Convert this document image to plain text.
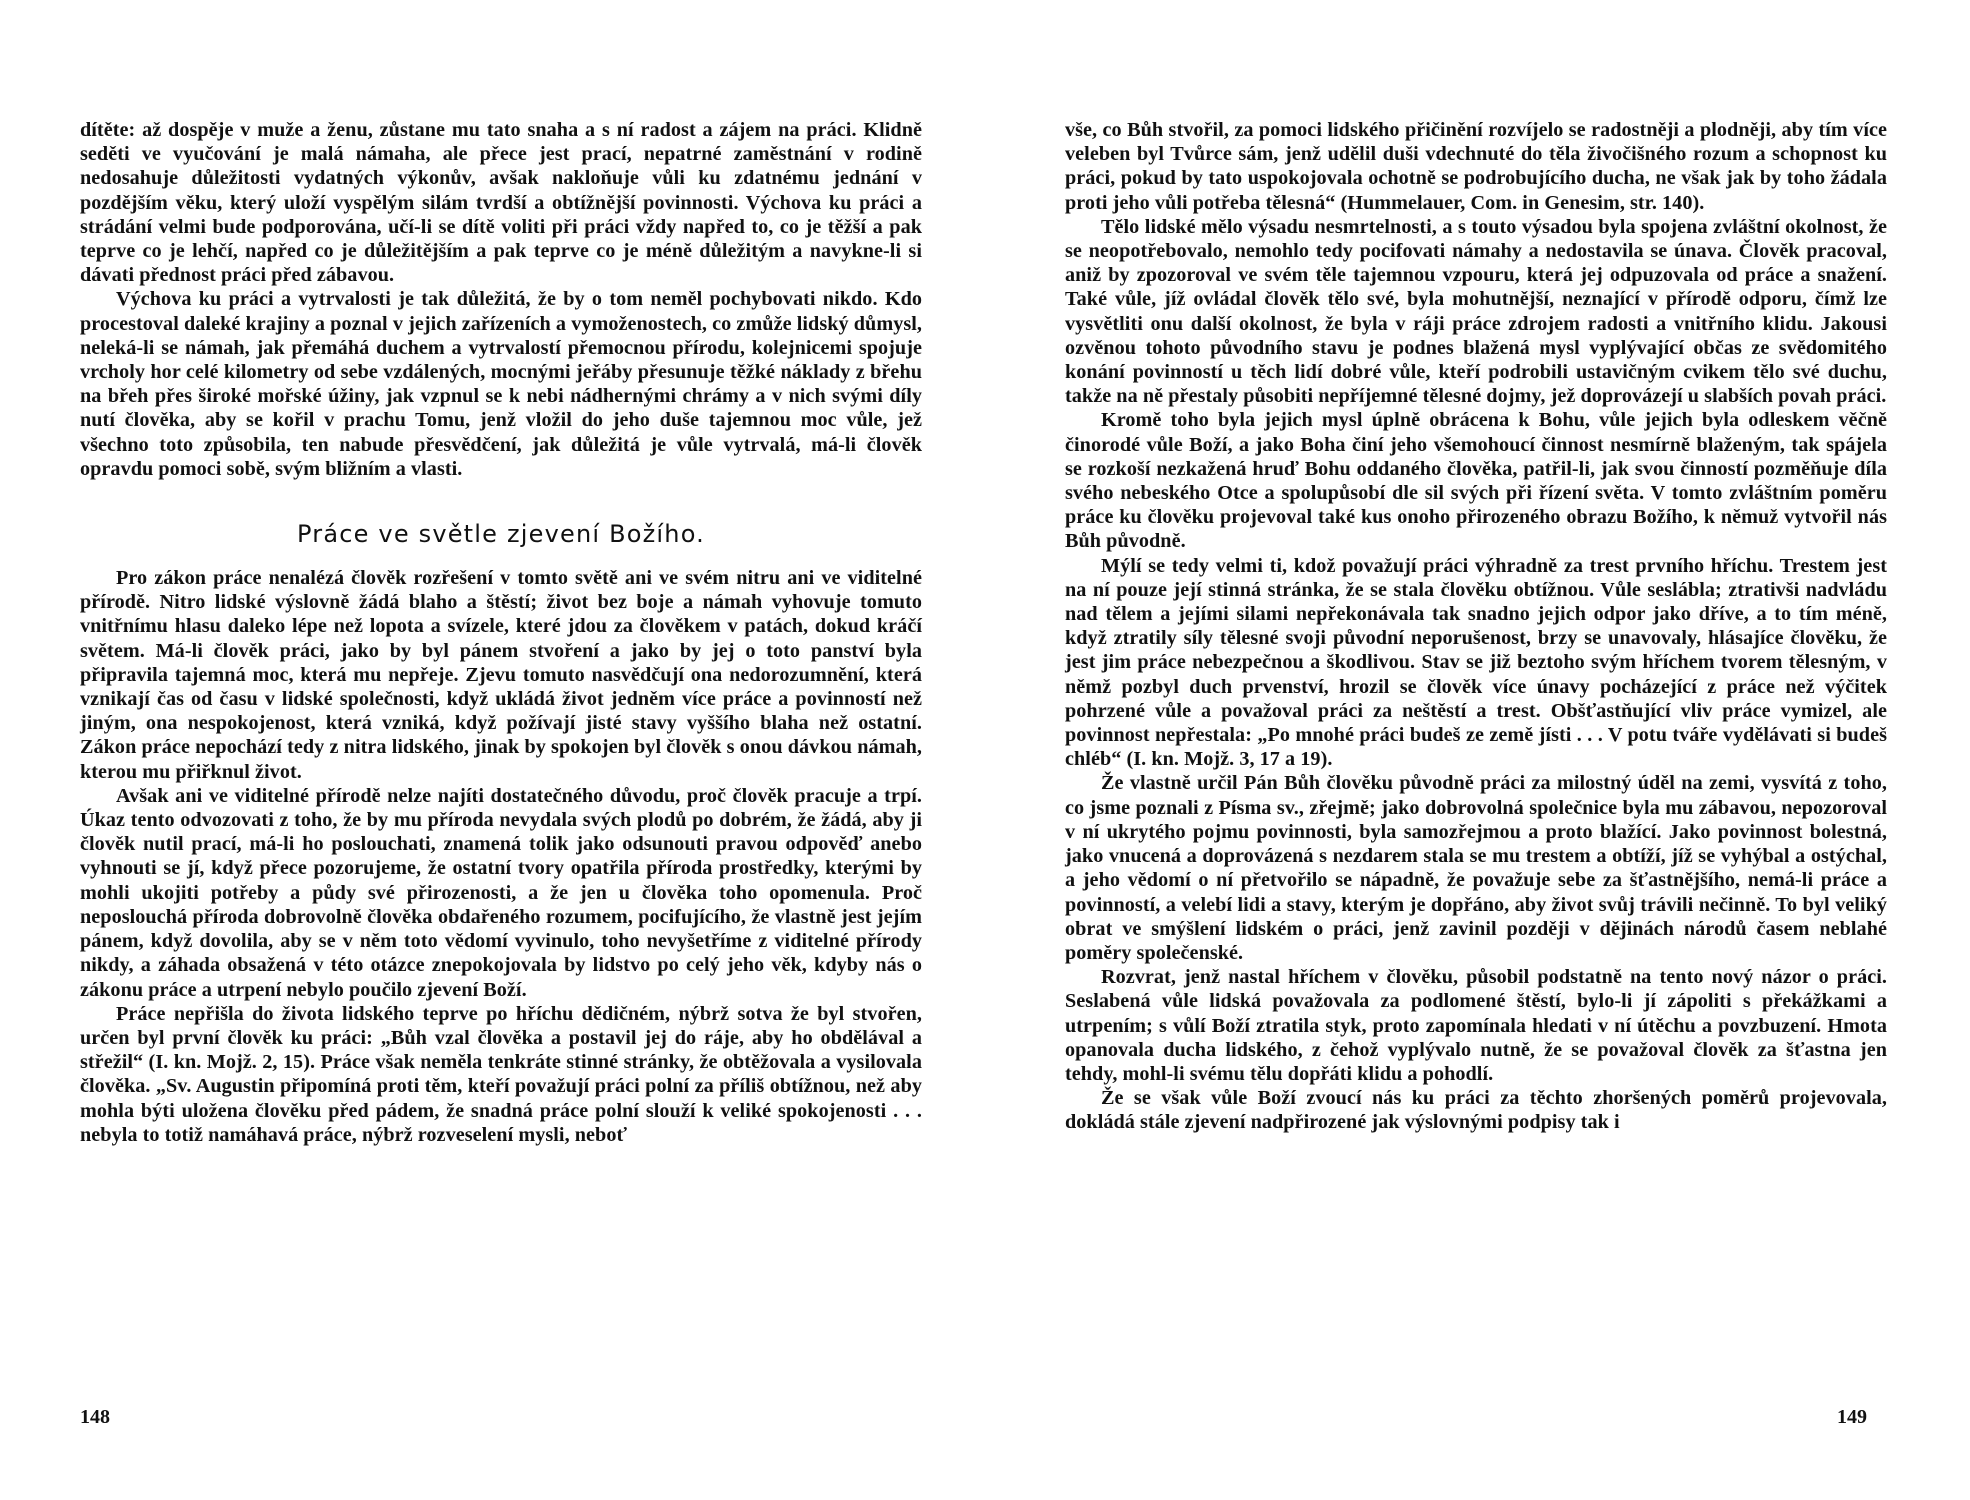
dítěte: až dospěje v muže a ženu, zůstane mu tato snaha a s ní radost a zájem na práci. Klidně seděti ve vyučování je malá námaha, ale přece jest prací, nepatrné zaměstnání v rodině nedosahuje důležitosti vydatných výkonův, avšak nakloňuje vůli ku zdatnému jednání v pozdějším věku, který uloží vyspělým silám tvrdší a obtížnější povinnosti. Výchova ku práci a strádání velmi bude podporována, učí-li se dítě voliti při práci vždy napřed to, co je těžší a pak teprve co je lehčí, napřed co je důležitějším a pak teprve co je méně důležitým a navykne-li si dávati přednost práci před zábavou.

Výchova ku práci a vytrvalosti je tak důležitá, že by o tom neměl pochybovati nikdo. Kdo procestoval daleké krajiny a poznal v jejich zařízeních a vymoženostech, co zmůže lidský důmysl, neleká-li se námah, jak přemáhá duchem a vytrvalostí přemocnou přírodu, kolejnicemi spojuje vrcholy hor celé kilometry od sebe vzdálených, mocnými jeřáby přesunuje těžké náklady z břehu na břeh přes široké mořské úžiny, jak vzpnul se k nebi nádhernými chrámy a v nich svými díly nutí člověka, aby se kořil v prachu Tomu, jenž vložil do jeho duše tajemnou moc vůle, jež všechno toto způsobila, ten nabude přesvědčení, jak důležitá je vůle vytrvalá, má-li člověk opravdu pomoci sobě, svým bližním a vlasti.

Práce ve světle zjevení Božího.

Pro zákon práce nenalézá člověk rozřešení v tomto světě ani ve svém nitru ani ve viditelné přírodě. Nitro lidské výslovně žádá blaho a štěstí; život bez boje a námah vyhovuje tomuto vnitřnímu hlasu daleko lépe než lopota a svízele, které jdou za člověkem v patách, dokud kráčí světem. Má-li člověk práci, jako by byl pánem stvoření a jako by jej o toto panství byla připravila tajemná moc, která mu nepřeje. Zjevu tomuto nasvědčují ona nedorozumnění, která vznikají čas od času v lidské společnosti, když ukládá život jedněm více práce a povinností než jiným, ona nespokojenost, která vzniká, když požívají jisté stavy vyššího blaha než ostatní. Zákon práce nepochází tedy z nitra lidského, jinak by spokojen byl člověk s onou dávkou námah, kterou mu přiřknul život.

Avšak ani ve viditelné přírodě nelze najíti dostatečného důvodu, proč člověk pracuje a trpí. Úkaz tento odvozovati z toho, že by mu příroda nevydala svých plodů po dobrém, že žádá, aby ji člověk nutil prací, má-li ho poslouchati, znamená tolik jako odsunouti pravou odpověď anebo vyhnouti se jí, když přece pozorujeme, že ostatní tvory opatřila příroda prostředky, kterými by mohli ukojiti potřeby a půdy své přirozenosti, a že jen u člověka toho opomenula. Proč neposlouchá příroda dobrovolně člověka obdařeného rozumem, pocifujícího, že vlastně jest jejím pánem, když dovolila, aby se v něm toto vědomí vyvinulo, toho nevyšetříme z viditelné přírody nikdy, a záhada obsažená v této otázce znepokojovala by lidstvo po celý jeho věk, kdyby nás o zákonu práce a utrpení nebylo poučilo zjevení Boží.

Práce nepřišla do života lidského teprve po hříchu dědičném, nýbrž sotva že byl stvořen, určen byl první člověk ku práci: „Bůh vzal člověka a postavil jej do ráje, aby ho obdělával a střežil“ (I. kn. Mojž. 2, 15). Práce však neměla tenkráte stinné stránky, že obtěžovala a vysilovala člověka. „Sv. Augustin připomíná proti těm, kteří považují práci polní za příliš obtížnou, než aby mohla býti uložena člověku před pádem, že snadná práce polní slouží k veliké spokojenosti . . . nebyla to totiž namáhavá práce, nýbrž rozveselení mysli, neboť

148

vše, co Bůh stvořil, za pomoci lidského přičinění rozvíjelo se radostněji a plodněji, aby tím více veleben byl Tvůrce sám, jenž udělil duši vdechnuté do těla živočišného rozum a schopnost ku práci, pokud by tato uspokojovala ochotně se podrobujícího ducha, ne však jak by toho žádala proti jeho vůli potřeba tělesná“ (Hummelauer, Com. in Genesim, str. 140).

Tělo lidské mělo výsadu nesmrtelnosti, a s touto výsadou byla spojena zvláštní okolnost, že se neopotřebovalo, nemohlo tedy pocifovati námahy a nedostavila se únava. Člověk pracoval, aniž by zpozoroval ve svém těle tajemnou vzpouru, která jej odpuzovala od práce a snažení. Také vůle, jíž ovládal člověk tělo své, byla mohutnější, neznající v přírodě odporu, čímž lze vysvětliti onu další okolnost, že byla v ráji práce zdrojem radosti a vnitřního klidu. Jakousi ozvěnou tohoto původního stavu je podnes blažená mysl vyplývající občas ze svědomitého konání povinností u těch lidí dobré vůle, kteří podrobili ustavičným cvikem tělo své duchu, takže na ně přestaly působiti nepříjemné tělesné dojmy, jež doprovázejí u slabších povah práci.

Kromě toho byla jejich mysl úplně obrácena k Bohu, vůle jejich byla odleskem věčně činorodé vůle Boží, a jako Boha činí jeho všemohoucí činnost nesmírně blaženým, tak spájela se rozkoší nezkažená hruď Bohu oddaného člověka, patřil-li, jak svou činností pozměňuje díla svého nebeského Otce a spolupůsobí dle sil svých při řízení světa. V tomto zvláštním poměru práce ku člověku projevoval také kus onoho přirozeného obrazu Božího, k němuž vytvořil nás Bůh původně.

Mýlí se tedy velmi ti, kdož považují práci výhradně za trest prvního hříchu. Trestem jest na ní pouze její stinná stránka, že se stala člověku obtížnou. Vůle seslábla; ztrativši nadvládu nad tělem a jejími silami nepřekonávala tak snadno jejich odpor jako dříve, a to tím méně, když ztratily síly tělesné svoji původní neporušenost, brzy se unavovaly, hlásajíce člověku, že jest jim práce nebezpečnou a škodlivou. Stav se již beztoho svým hříchem tvorem tělesným, v němž pozbyl duch prvenství, hrozil se člověk více únavy pocházející z práce než výčitek pohrzené vůle a považoval práci za neštěstí a trest. Obšťastňující vliv práce vymizel, ale povinnost nepřestala: „Po mnohé práci budeš ze země jísti . . . V potu tváře vydělávati si budeš chléb“ (I. kn. Mojž. 3, 17 a 19).

Že vlastně určil Pán Bůh člověku původně práci za milostný úděl na zemi, vysvítá z toho, co jsme poznali z Písma sv., zřejmě; jako dobrovolná společnice byla mu zábavou, nepozoroval v ní ukrytého pojmu povinnosti, byla samozřejmou a proto blažící. Jako povinnost bolestná, jako vnucená a doprovázená s nezdarem stala se mu trestem a obtíží, jíž se vyhýbal a ostýchal, a jeho vědomí o ní přetvořilo se nápadně, že považuje sebe za šťastnějšího, nemá-li práce a povinností, a velebí lidi a stavy, kterým je dopřáno, aby život svůj trávili nečinně. To byl veliký obrat ve smýšlení lidském o práci, jenž zavinil později v dějinách národů časem neblahé poměry společenské.

Rozvrat, jenž nastal hříchem v člověku, působil podstatně na tento nový názor o práci. Seslabená vůle lidská považovala za podlomené štěstí, bylo-li jí zápoliti s překážkami a utrpením; s vůlí Boží ztratila styk, proto zapomínala hledati v ní útěchu a povzbuzení. Hmota opanovala ducha lidského, z čehož vyplývalo nutně, že se považoval člověk za šťastna jen tehdy, mohl-li svému tělu dopřáti klidu a pohodlí.

Že se však vůle Boží zvoucí nás ku práci za těchto zhoršených poměrů projevovala, dokládá stále zjevení nadpřirozené jak výslovnými podpisy tak i

149
